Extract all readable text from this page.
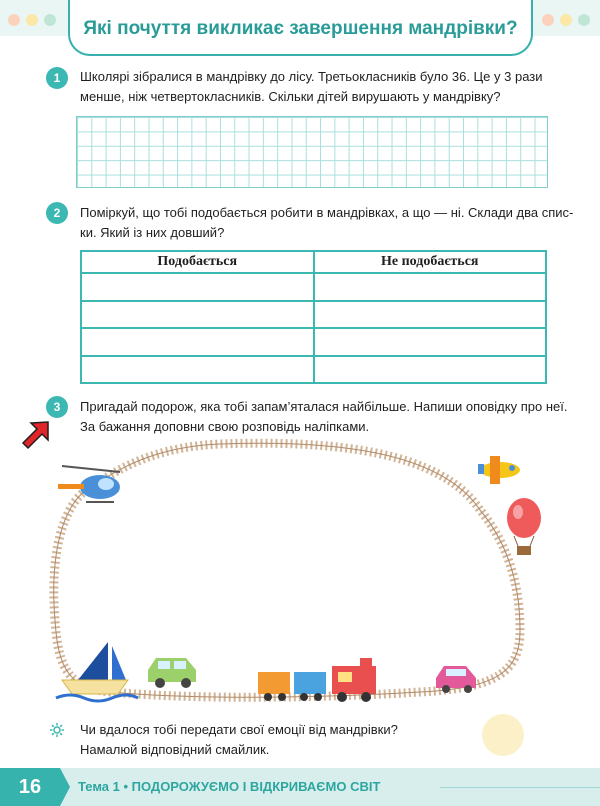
Які почуття викликає завершення мандрівки?
1	Школярі зібралися в мандрівку до лісу. Третьокласників було 36. Це у 3 рази
менше, ніж четвертокласників. Скільки дітей вирушають у мандрівку?
2	Поміркуй, що тобі подобається робити в мандрівках, а що — ні. Склади два спис-
ки. Який із них довший?
Подобається	Не подобається

3	Пригадай подорож, яка тобі запам’яталася найбільше. Напиши оповідку про неї.
За бажання доповни свою розповідь наліпками.
Чи вдалося тобі передати свої емоції від мандрівки?
Намалюй відповідний смайлик.
16	Тема 1 • ПОДОРОЖУЄМО І ВІДКРИВАЄМО СВІТ
